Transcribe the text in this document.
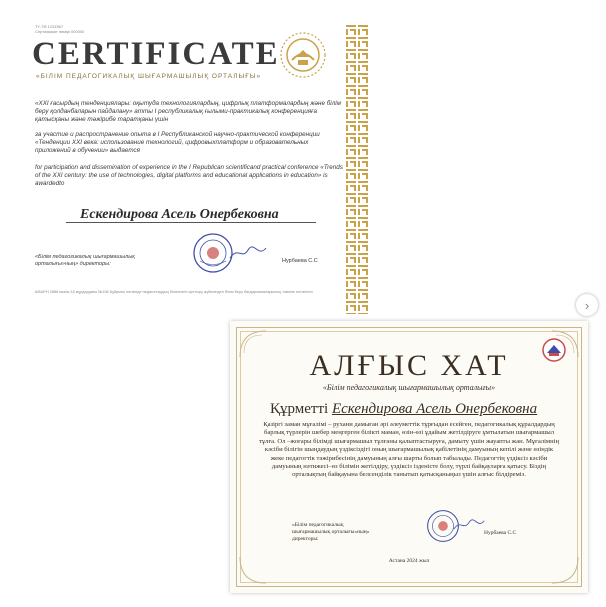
ТҮ-ТӨ 1234567
Сертификат нөмірі 000000
CERTIFICATE
«БІЛІМ ПЕДАГОГИКАЛЫҚ ШЫҒАРМАШЫЛЫҚ ОРТАЛЫҒЫ»
«XXI ғасырдың тенденциялары: оқытуда технологиялардың, цифрлық платформалардың және білім беру қолданбаларын пайдалану» атты I республикалық ғылыми-практикалық конференцияға қатысқаны және тәжірибе таратқаны үшін
за участие и распространение опыта в I Республиканской научно-практической конференции «Тенденции XXI века: использование технологий, цифровыхплатформ и образовательных приложений в обучении» выдается
for participation and dissemination of experience in the I Republican scientificand practical conference «Trends of the XXI century: the use of technologies, digital platforms and educational applications in education» is awardedto
Ескендирова Асель Онербековна
«Білім педагогикалық шығармашылық орталығы»ның» директоры:	Нурбаева С.С
ШБАРН 2888 мыны 16 мұрдардағы №108 Бұйрығы негізінде педагогтардың біліктілігін арттыру жүйесіндегі білім беру бағдарламаларының тізіміне енгізілген
›
АЛҒЫС ХАТ
«Білім педагогикалық шығармашылық орталығы»
Құрметті Ескендирова Асель Онербековна
Қазіргі заман мұғалімі – рухани дамыған әрі әлеуметтік тұрғыдан есейген, педагогикалық құралдардың барлық түрлерін шебер меңгерген білікті маман, өзін-өзі ұдайым жетілдіруге ұмтылатын шығармашыл тұлға. Ол –жоғары білімді шығармашыл тұлғаны қалыптастыруға, дамыту үшін жауапты жан. Мұғалімнің кәсіби білігін шыңдаудың үздіксіздігі оның шығармашылық қабілетінің дамуының кепілі және өзіндік жеке педагогтік тәжірибесінің дамуының алғы шарты болып табылады. Педагогтің үздіксіз кәсіби дамуының нәтижесі–өз білімін жетілдіру, үздіксіз ізденісте болу, түрлі байқауларға қатысу. Біздің орталықтың байқауына белсенділік танытып қатысқаныңыз үшін алғыс білдіреміз.
«Білім педагогикалық шығармашылық орталығы»ның» директоры:
Нурбаева С.С
Астана 2024 жыл
